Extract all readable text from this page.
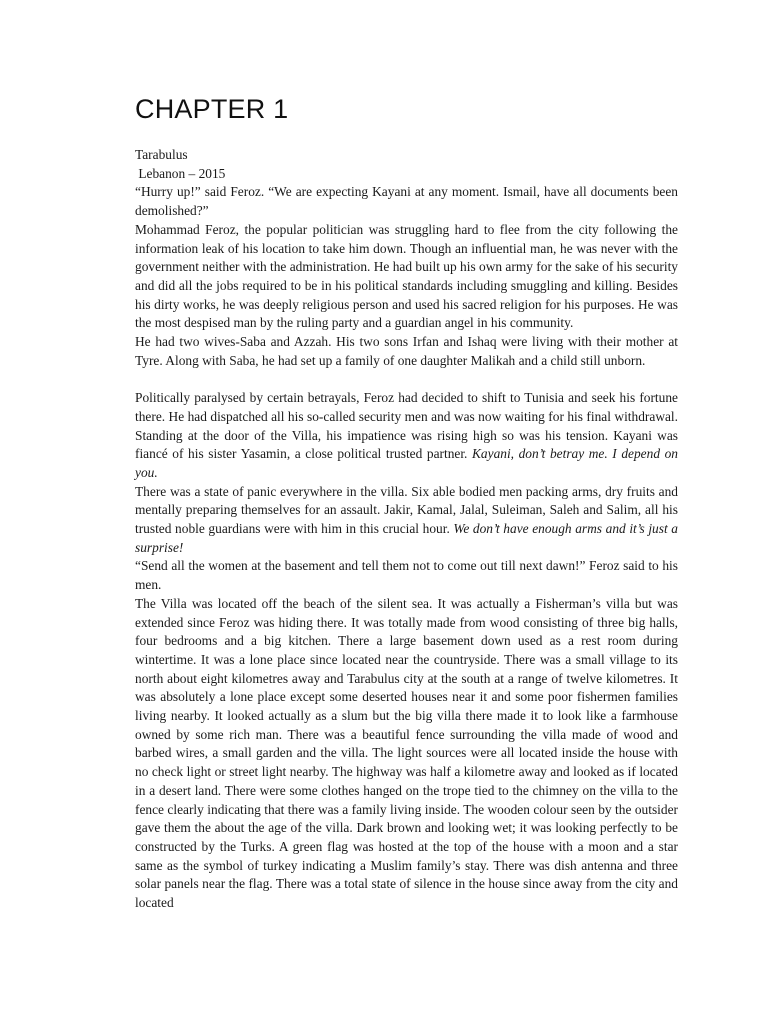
CHAPTER 1

Tarabulus

Lebanon – 2015

“Hurry up!” said Feroz. “We are expecting Kayani at any moment. Ismail, have all documents been demolished?”

Mohammad Feroz, the popular politician was struggling hard to flee from the city following the information leak of his location to take him down. Though an influential man, he was never with the government neither with the administration. He had built up his own army for the sake of his security and did all the jobs required to be in his political standards including smuggling and killing. Besides his dirty works, he was deeply religious person and used his sacred religion for his purposes. He was the most despised man by the ruling party and a guardian angel in his community.

He had two wives-Saba and Azzah. His two sons Irfan and Ishaq were living with their mother at Tyre. Along with Saba, he had set up a family of one daughter Malikah and a child still unborn.

Politically paralysed by certain betrayals, Feroz had decided to shift to Tunisia and seek his fortune there. He had dispatched all his so-called security men and was now waiting for his final withdrawal. Standing at the door of the Villa, his impatience was rising high so was his tension. Kayani was fiancé of his sister Yasamin, a close political trusted partner. Kayani, don’t betray me. I depend on you.

There was a state of panic everywhere in the villa. Six able bodied men packing arms, dry fruits and mentally preparing themselves for an assault. Jakir, Kamal, Jalal, Suleiman, Saleh and Salim, all his trusted noble guardians were with him in this crucial hour. We don’t have enough arms and it’s just a surprise!

“Send all the women at the basement and tell them not to come out till next dawn!” Feroz said to his men.

The Villa was located off the beach of the silent sea. It was actually a Fisherman’s villa but was extended since Feroz was hiding there. It was totally made from wood consisting of three big halls, four bedrooms and a big kitchen. There a large basement down used as a rest room during wintertime. It was a lone place since located near the countryside. There was a small village to its north about eight kilometres away and Tarabulus city at the south at a range of twelve kilometres. It was absolutely a lone place except some deserted houses near it and some poor fishermen families living nearby. It looked actually as a slum but the big villa there made it to look like a farmhouse owned by some rich man. There was a beautiful fence surrounding the villa made of wood and barbed wires, a small garden and the villa. The light sources were all located inside the house with no check light or street light nearby. The highway was half a kilometre away and looked as if located in a desert land. There were some clothes hanged on the trope tied to the chimney on the villa to the fence clearly indicating that there was a family living inside. The wooden colour seen by the outsider gave them the about the age of the villa. Dark brown and looking wet; it was looking perfectly to be constructed by the Turks. A green flag was hosted at the top of the house with a moon and a star same as the symbol of turkey indicating a Muslim family’s stay. There was dish antenna and three solar panels near the flag. There was a total state of silence in the house since away from the city and located
